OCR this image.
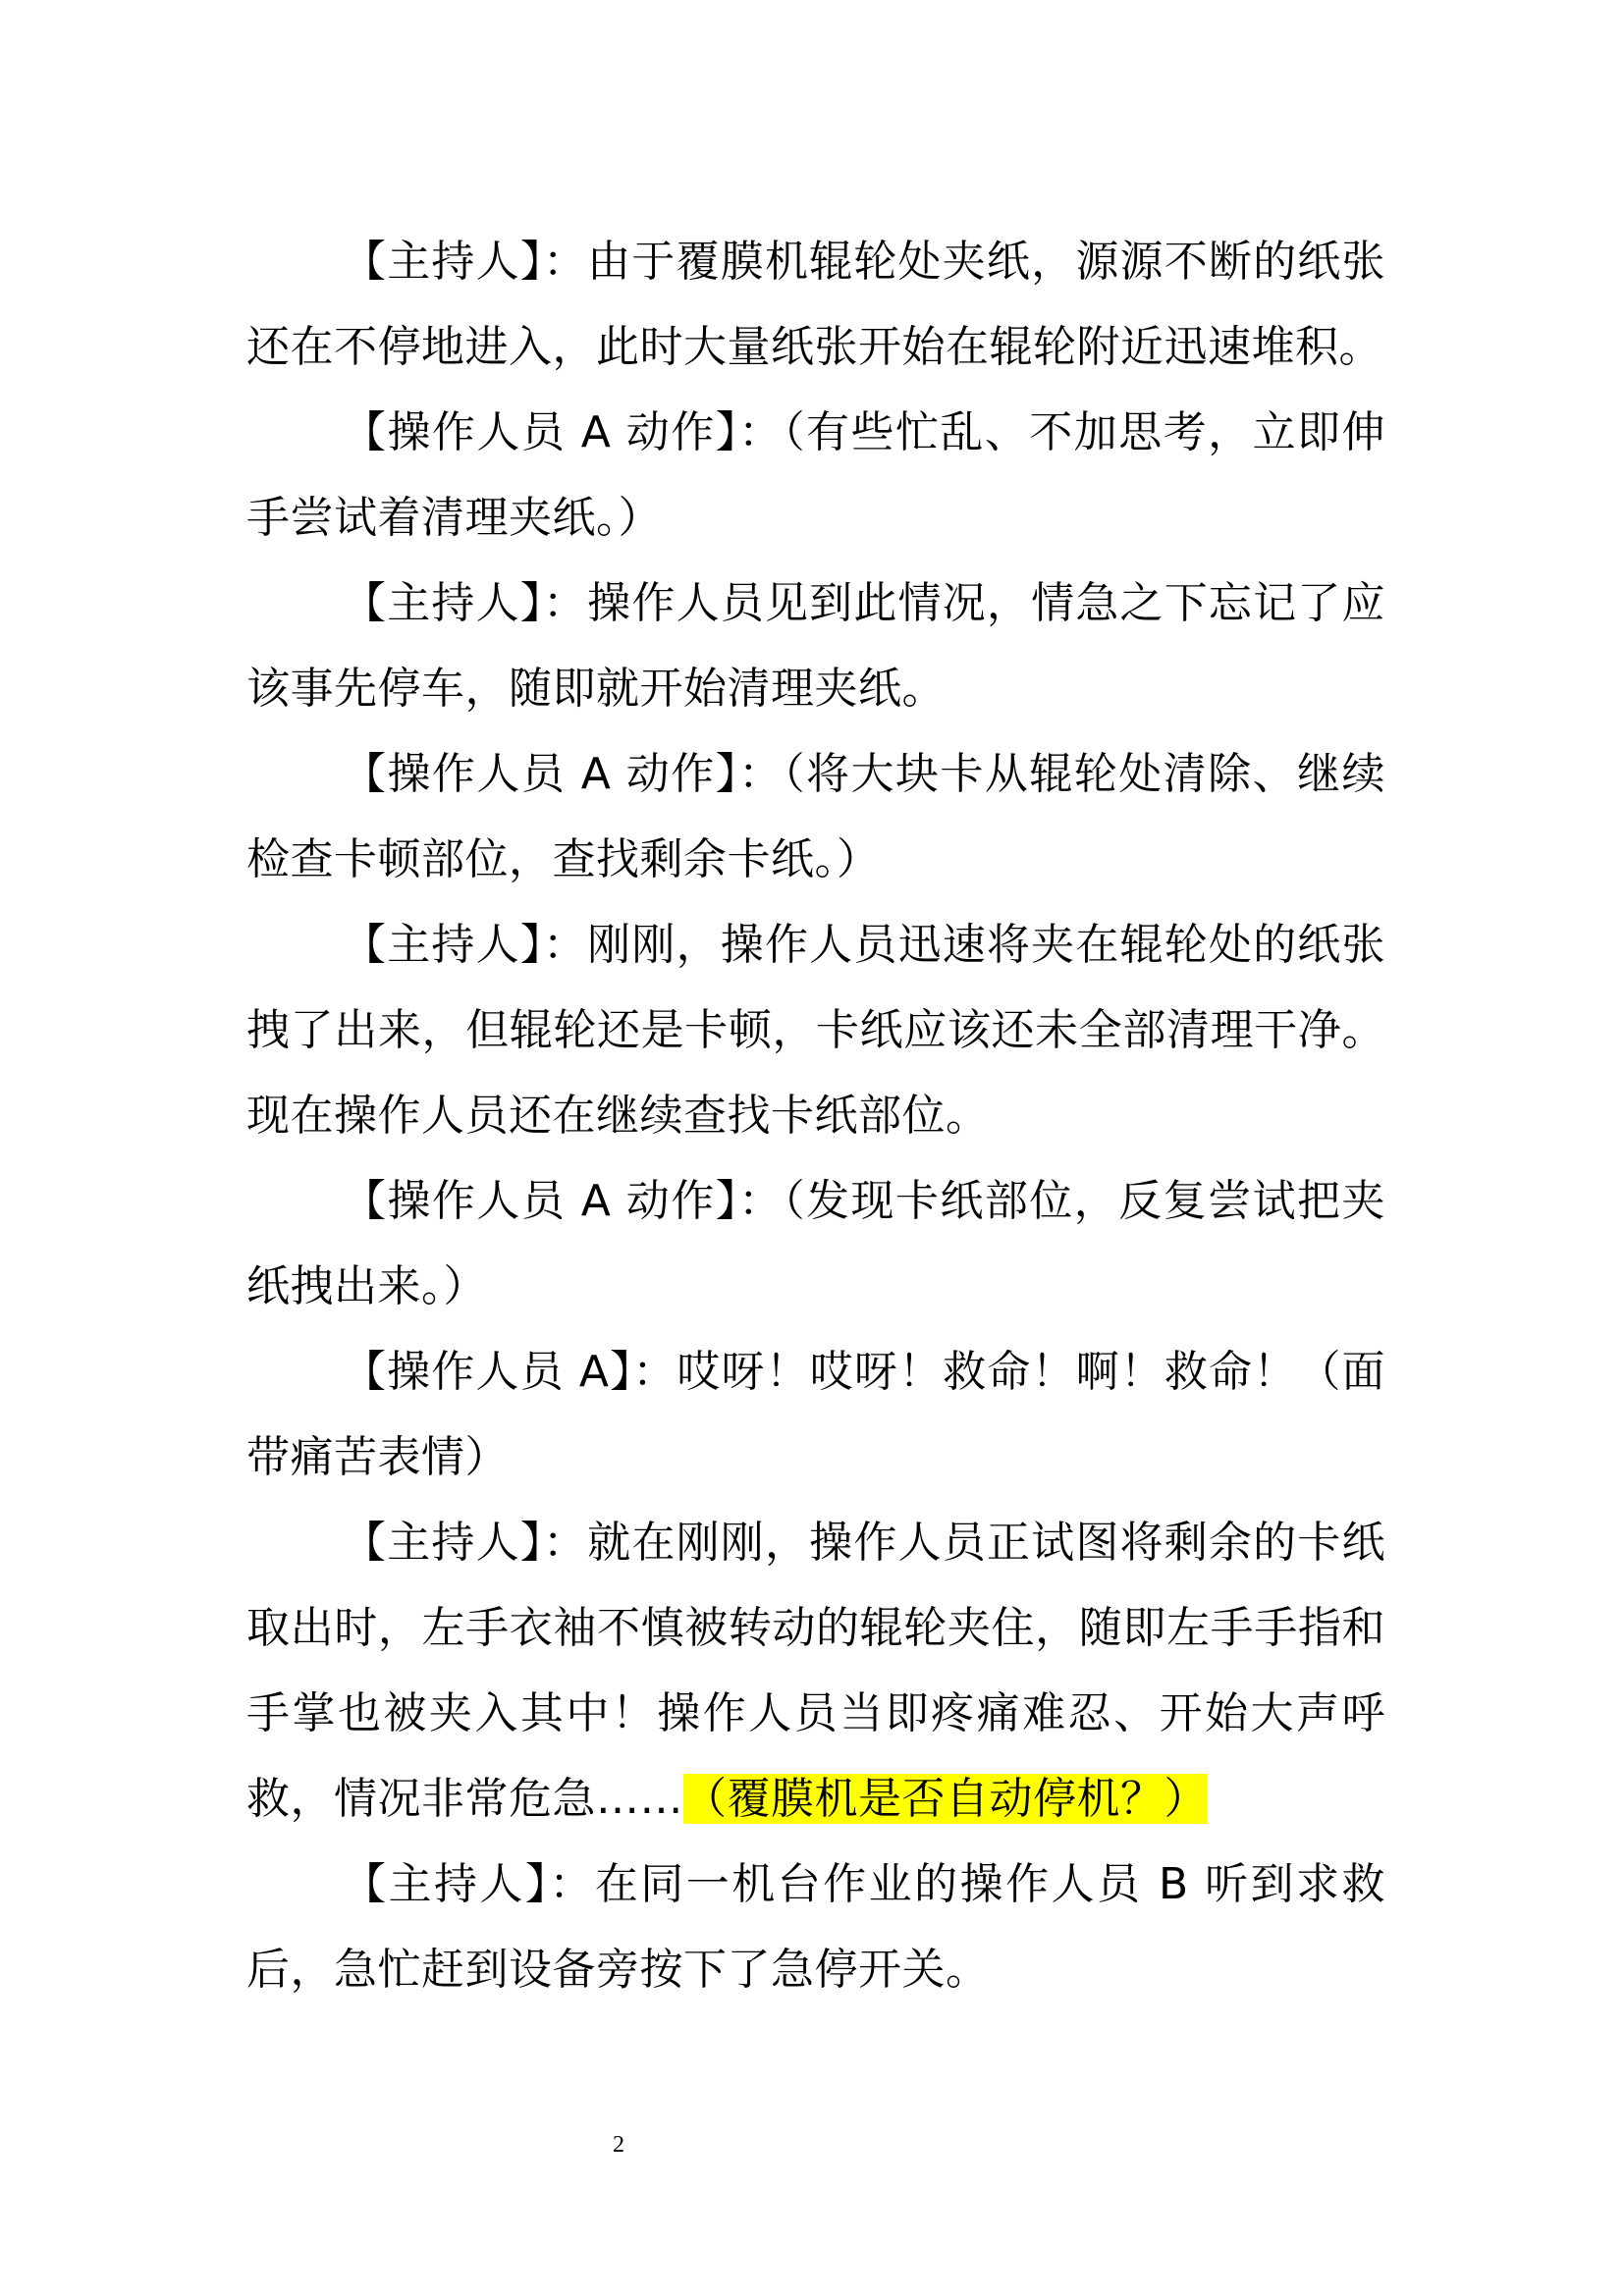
【主持人】：由于覆膜机辊轮处夹纸，源源不断的纸张还在不停地进入，此时大量纸张开始在辊轮附近迅速堆积。

【操作人员 A 动作】：（有些忙乱、不加思考，立即伸手尝试着清理夹纸。）

【主持人】：操作人员见到此情况，情急之下忘记了应该事先停车，随即就开始清理夹纸。

【操作人员 A 动作】：（将大块卡从辊轮处清除、继续检查卡顿部位，查找剩余卡纸。）

【主持人】：刚刚，操作人员迅速将夹在辊轮处的纸张拽了出来，但辊轮还是卡顿，卡纸应该还未全部清理干净。现在操作人员还在继续查找卡纸部位。

【操作人员 A 动作】：（发现卡纸部位，反复尝试把夹纸拽出来。）

【操作人员 A】：哎呀！哎呀！救命！啊！救命！（面带痛苦表情）

【主持人】：就在刚刚，操作人员正试图将剩余的卡纸取出时，左手衣袖不慎被转动的辊轮夹住，随即左手手指和手掌也被夹入其中！操作人员当即疼痛难忍、开始大声呼救，情况非常危急……（覆膜机是否自动停机？）

【主持人】：在同一机台作业的操作人员 B 听到求救后，急忙赶到设备旁按下了急停开关。

2
